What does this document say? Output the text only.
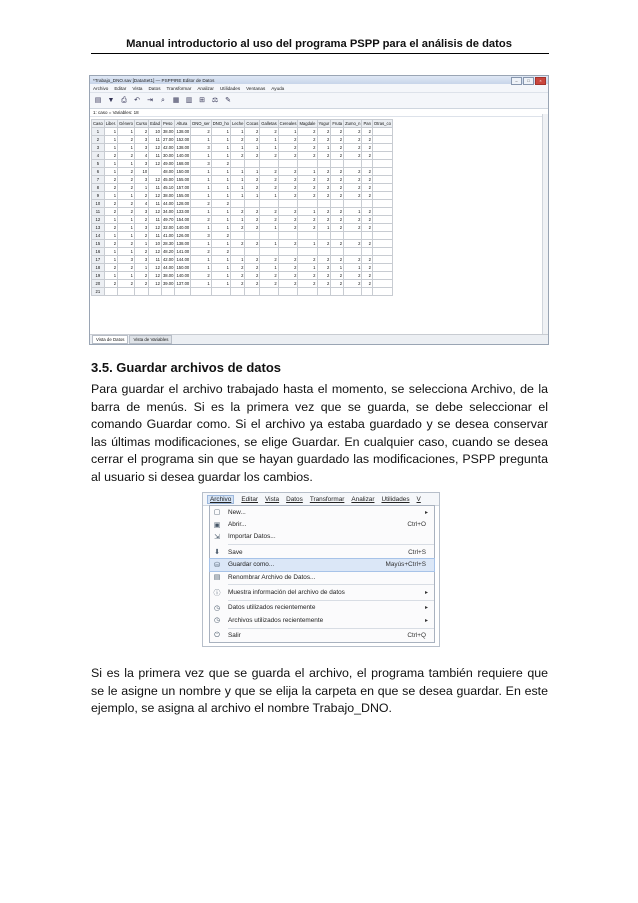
Manual introductorio al uso del programa PSPP para el análisis de datos
*Trabajo_DNO.sav [DataSet1] — PSPPIRE Editor de Datos	–	□	×
Archivo Editar Vista Datos Transformar Analizar Utilidades Ventanas Ayuda
▤ ▼ ⎙ ↶ ⇥ ⌕ ▦ ▥ ⊞ ⚖ ✎
1: caso = Variables: 18
Caso	Liber.	Género	Curso	Edad	Peso	Altura	DNO_ser	DNO_ho	Leche	Cocas	Galletas	Cereales	Magdale	Yogur	Fruta	Zumo_n	Pan	Otras_co
1	1	1	2	10	38.00	138.00	2	1	1	2	2	1	2	2	2	2	2	
2	1	2	3	11	27.00	152.00	1	1	2	2	1	2	2	2	2	2	2	
3	1	1	3	12	42.00	138.00	3	1	1	1	1	2	2	1	2	2	2	
4	2	2	4	11	30.00	140.00	1	1	2	2	2	2	2	2	2	2	2	
5	1	1	3	12	49.00	168.00	3	2										
6	1	2	10		48.00	150.00	1	1	1	1	2	2	1	2	2	2	2	
7	2	2	3	12	45.00	155.00	1	1	1	2	2	2	2	2	2	2	2	
8	2	2	1	11	45.10	157.00	1	1	1	2	2	2	2	2	2	2	2	
9	1	1	2	12	38.00	155.00	1	1	1	1	1	2	2	2	2	2	2	
10	2	2	4	11	44.00	128.00	2	2										
11	2	2	3	12	34.00	133.00	1	1	2	2	2	2	1	2	2	1	2	
12	1	1	2	11	49.70	154.00	2	1	1	2	2	2	2	2	2	2	2	
13	2	1	3	12	32.00	140.00	1	1	2	2	1	2	2	1	2	2	2	
14	1	1	2	11	41.00	126.00	3	2										
15	2	2	1	10	28.30	138.00	1	1	2	2	1	2	1	2	2	2	2	
16	1	1	2	12	48.20	141.00	2	2										
17	1	3	3	11	42.00	144.00	1	1	1	2	2	2	2	2	2	2	2	
18	2	2	1	12	44.00	150.00	1	1	2	2	1	2	1	2	1	1	2	
19	1	1	2	12	38.00	140.00	2	1	2	2	2	2	2	2	2	2	2	
20	2	2	2	12	39.00	137.00	1	1	2	2	2	2	2	2	2	2	2	
21																		
Vista de Datos	Vista de Variables
3.5. Guardar archivos de datos
Para guardar el archivo trabajado hasta el momento, se selecciona Archivo, de la barra de menús. Si es la primera vez que se guarda, se debe seleccionar el comando Guardar como. Si el archivo ya estaba guardado y se desea conservar las últimas modificaciones, se elige Guardar. En cualquier caso, cuando se desea cerrar el programa sin que se hayan guardado las modificaciones, PSPP pregunta al usuario si desea guardar los cambios.
Archivo	Editar Vista Datos Transformar Analizar Utilidades V
▢	New...	▸
▣	Abrir...	Ctrl+O
⇲	Importar Datos...
⬇	Save	Ctrl+S
⛁	Guardar como...	Mayús+Ctrl+S
▤	Renombrar Archivo de Datos...
ⓘ	Muestra información del archivo de datos	▸
◷	Datos utilizados recientemente	▸
◷	Archivos utilizados recientemente	▸
⏻	Salir	Ctrl+Q
Si es la primera vez que se guarda el archivo, el programa también requiere que se le asigne un nombre y que se elija la carpeta en que se desea guardar. En este ejemplo, se asigna al archivo el nombre Trabajo_DNO.
